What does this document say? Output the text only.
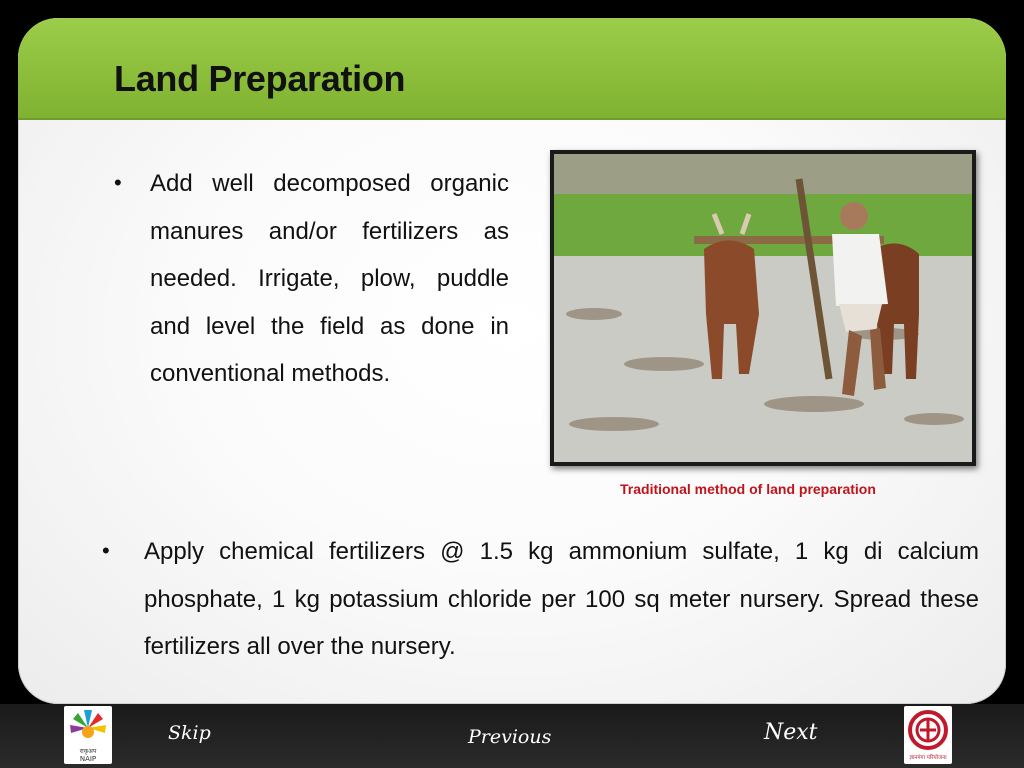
Land Preparation
• Add well decomposed organic manures and/or fertilizers as needed. Irrigate, plow, puddle and level the field as done in conventional methods.
Traditional method of land preparation
• Apply chemical fertilizers @ 1.5 kg ammonium sulfate, 1 kg di calcium phosphate, 1 kg potassium chloride per 100 sq meter nursery. Spread these fertilizers all over the nursery.
राकृअप
NAIP
Skip	Previous	Next
ज्ञानगंगा परियोजना
